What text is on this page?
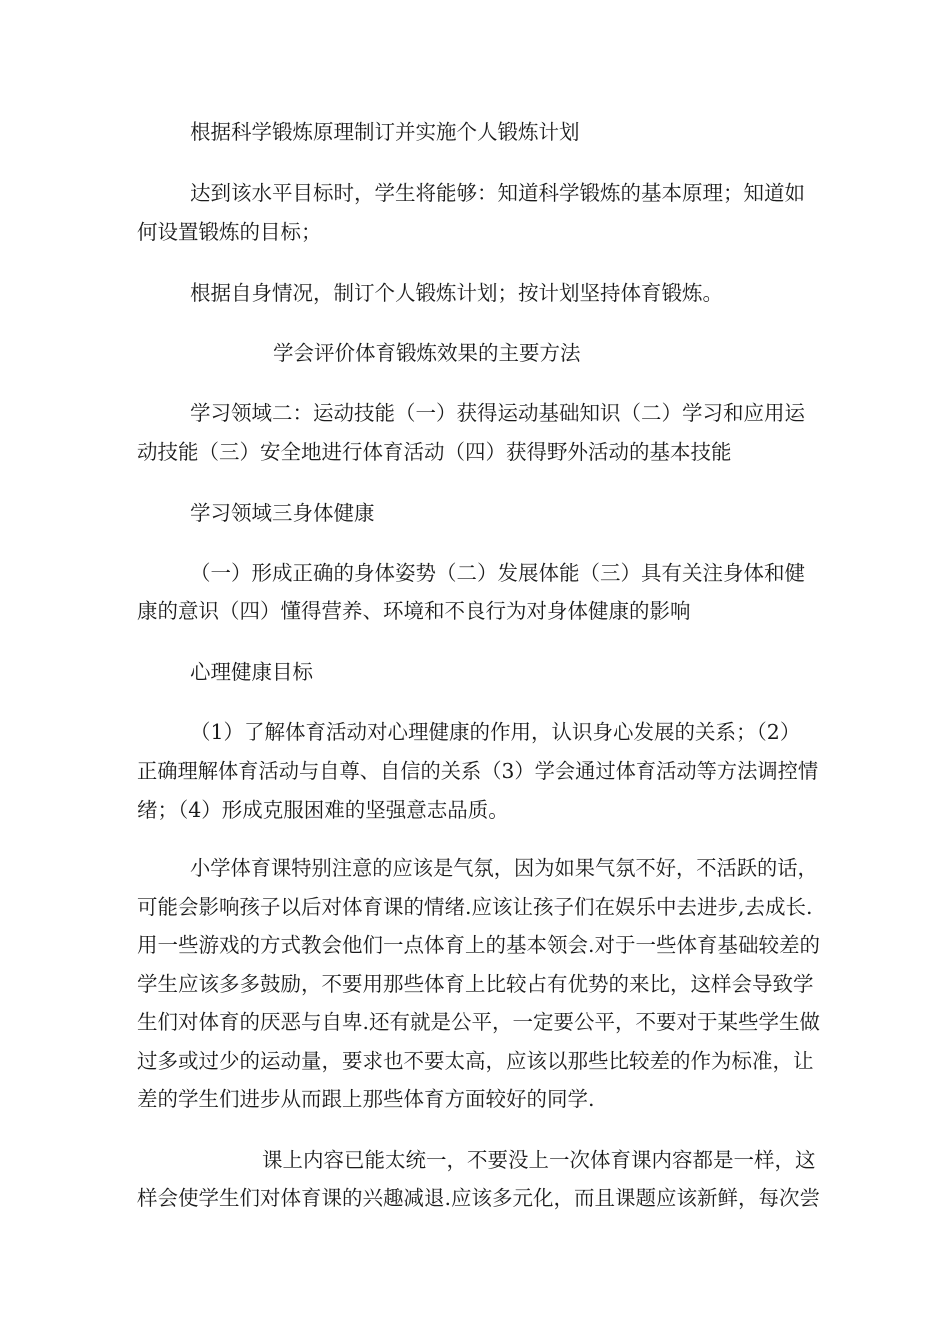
根据科学锻炼原理制订并实施个人锻炼计划
达到该水平目标时，学生将能够：知道科学锻炼的基本原理；知道如
何设置锻炼的目标；
根据自身情况，制订个人锻炼计划；按计划坚持体育锻炼。
学会评价体育锻炼效果的主要方法
学习领域二：运动技能（一）获得运动基础知识（二）学习和应用运
动技能（三）安全地进行体育活动（四）获得野外活动的基本技能
学习领域三身体健康
（一）形成正确的身体姿势（二）发展体能（三）具有关注身体和健
康的意识（四）懂得营养、环境和不良行为对身体健康的影响
心理健康目标
（1）了解体育活动对心理健康的作用，认识身心发展的关系；（2）
正确理解体育活动与自尊、自信的关系（3）学会通过体育活动等方法调控情
绪；（4）形成克服困难的坚强意志品质。
小学体育课特别注意的应该是气氛，因为如果气氛不好，不活跃的话，
可能会影响孩子以后对体育课的情绪.应该让孩子们在娱乐中去进步,去成长.
用一些游戏的方式教会他们一点体育上的基本领会.对于一些体育基础较差的
学生应该多多鼓励，不要用那些体育上比较占有优势的来比，这样会导致学
生们对体育的厌恶与自卑.还有就是公平，一定要公平，不要对于某些学生做
过多或过少的运动量，要求也不要太高，应该以那些比较差的作为标准，让
差的学生们进步从而跟上那些体育方面较好的同学.
课上内容已能太统一，不要没上一次体育课内容都是一样，这
样会使学生们对体育课的兴趣减退.应该多元化，而且课题应该新鲜，每次尝
